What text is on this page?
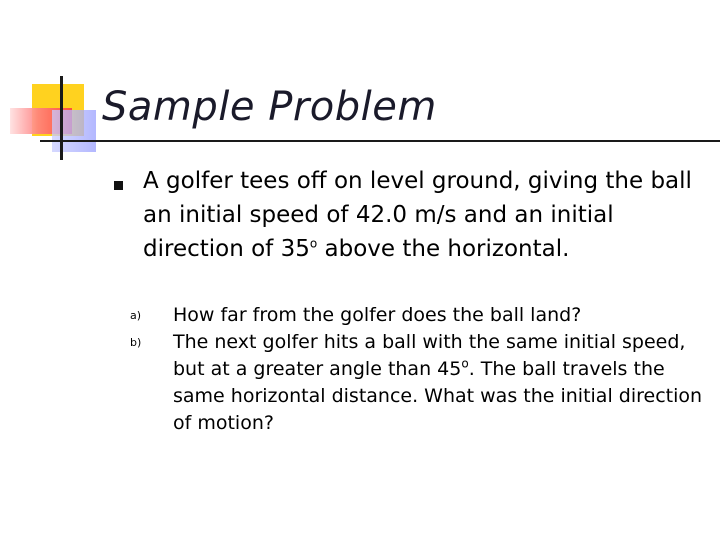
Sample Problem
A golfer tees off on level ground, giving the ball an initial speed of 42.0 m/s and an initial direction of 35$^o$ above the horizontal.
a)	How far from the golfer does the ball land?
b)	The next golfer hits a ball with the same initial speed, but at a greater angle than 45$^o$. The ball travels the same horizontal distance. What was the initial direction of motion?
